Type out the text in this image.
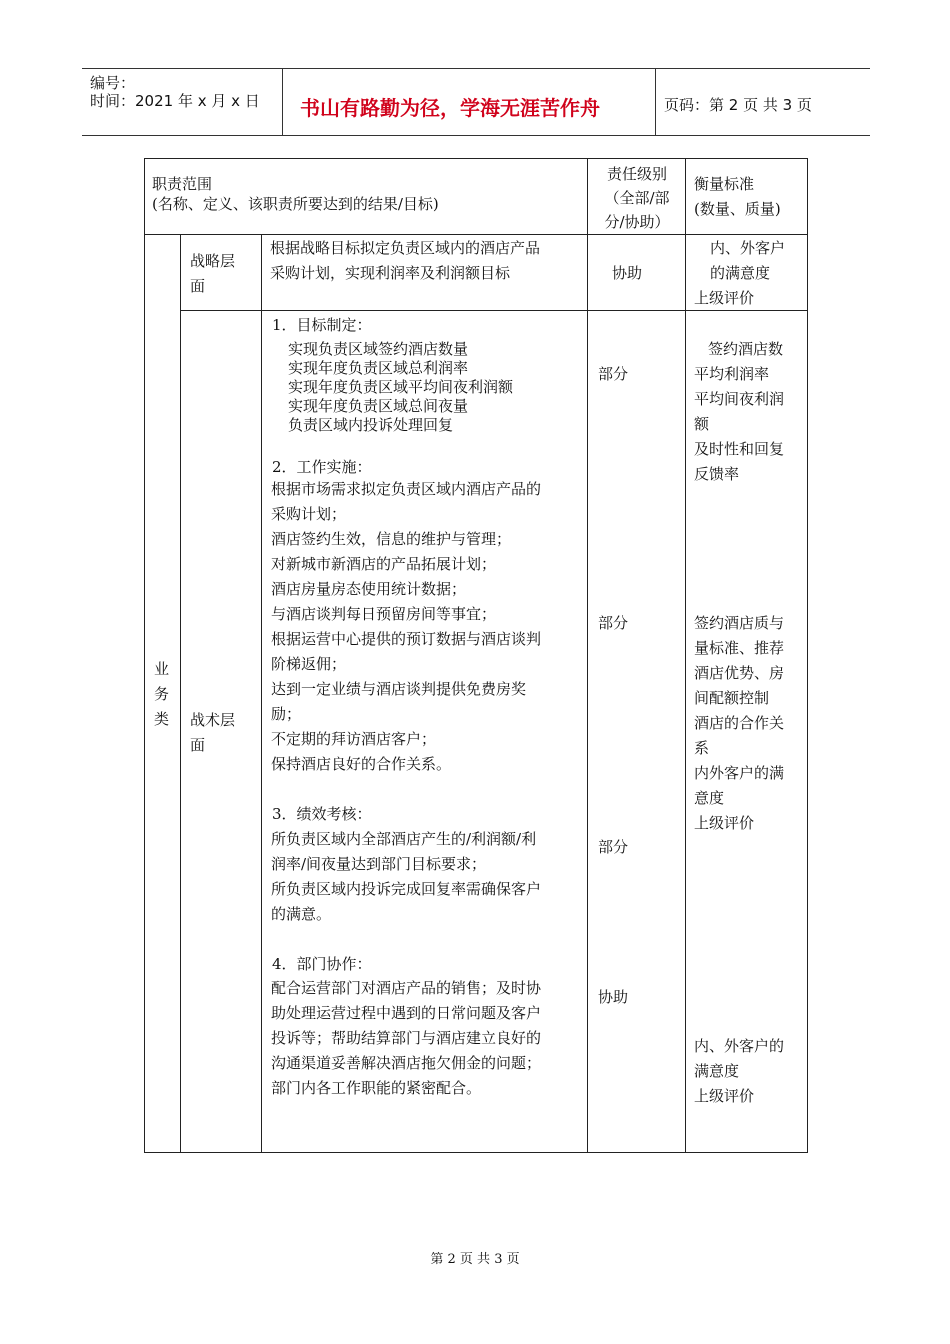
编号：
时间：2021 年 x 月 x 日 书山有路勤为径，学海无涯苦作舟	页码：第 2 页 共 3 页
职责范围
(名称、定义、该职责所要达到的结果/目标)
责任级别
（全部/部
分/协助）
衡量标准
(数量、质量)
业
务
类
战略层
面
根据战略目标拟定负责区域内的酒店产品
采购计划，实现利润率及利润额目标	协助
内、外客户
的满意度
上级评价
战术层
面
1．目标制定：
实现负责区域签约酒店数量
实现年度负责区域总利润率
实现年度负责区域平均间夜利润额
实现年度负责区域总间夜量
负责区域内投诉处理回复
2．工作实施：
根据市场需求拟定负责区域内酒店产品的
采购计划；
酒店签约生效，信息的维护与管理；
对新城市新酒店的产品拓展计划；
酒店房量房态使用统计数据；
与酒店谈判每日预留房间等事宜；
根据运营中心提供的预订数据与酒店谈判
阶梯返佣；
达到一定业绩与酒店谈判提供免费房奖
励；
不定期的拜访酒店客户；
保持酒店良好的合作关系。
3．绩效考核：
所负责区域内全部酒店产生的/利润额/利
润率/间夜量达到部门目标要求；
所负责区域内投诉完成回复率需确保客户
的满意。
4．部门协作：
配合运营部门对酒店产品的销售；及时协
助处理运营过程中遇到的日常问题及客户
投诉等；帮助结算部门与酒店建立良好的
沟通渠道妥善解决酒店拖欠佣金的问题；
部门内各工作职能的紧密配合。
部分
部分
部分
协助
签约酒店数
平均利润率
平均间夜利润
额
及时性和回复
反馈率
签约酒店质与
量标准、推荐
酒店优势、房
间配额控制
酒店的合作关
系
内外客户的满
意度
上级评价
内、外客户的
满意度
上级评价
第 2 页 共 3 页
